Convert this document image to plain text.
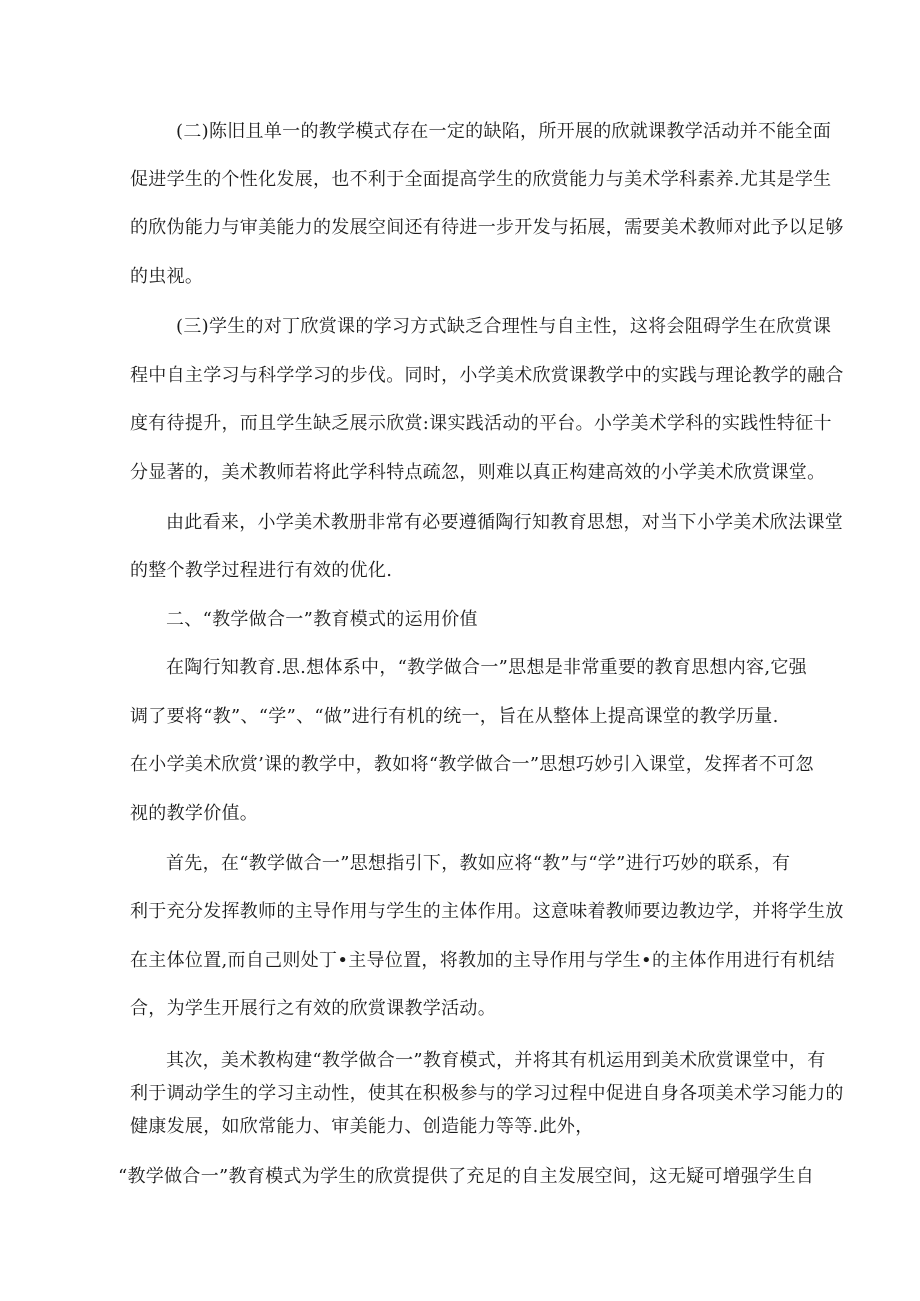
(二)陈旧且单一的教学模式存在一定的缺陷，所开展的欣就课教学活动并不能全面
促进学生的个性化发展，也不利于全面提高学生的欣赏能力与美术学科素养.尤其是学生
的欣伪能力与审美能力的发展空间还有待进一步开发与拓展，需要美术教师对此予以足够
的虫视。
(三)学生的对丁欣赏课的学习方式缺乏合理性与自主性，这将会阻碍学生在欣赏课
程中自主学习与科学学习的步伐。同时，小学美术欣赏课教学中的实践与理论教学的融合
度有待提升，而且学生缺乏展示欣赏:课实践活动的平台。小学美术学科的实践性特征十
分显著的，美术教师若将此学科特点疏忽，则难以真正构建高效的小学美术欣赏课堂。
由此看来，小学美术教册非常有必要遵循陶行知教育思想，对当下小学美术欣法课堂
的整个教学过程进行有效的优化.
二、“教学做合一”教育模式的运用价值
在陶行知教育.思.想体系中，“教学做合一”思想是非常重要的教育思想内容,它强
调了要将“教”、“学”、“做”进行有机的统一，旨在从整体上提高课堂的教学历量.
在小学美术欣赏’课的教学中，教如将“教学做合一”思想巧妙引入课堂，发挥者不可忽
视的教学价值。
首先，在“教学做合一”思想指引下，教如应将“教”与“学”进行巧妙的联系，有
利于充分发挥教师的主导作用与学生的主体作用。这意味着教师要边教边学，并将学生放
在主体位置,而自己则处丁•主导位置，将教加的主导作用与学生•的主体作用进行有机结
合，为学生开展行之有效的欣赏课教学活动。
其次，美术教构建“教学做合一”教育模式，并将其有机运用到美术欣赏课堂中，有
利于调动学生的学习主动性，使其在积极参与的学习过程中促进自身各项美术学习能力的
健康发展，如欣常能力、审美能力、创造能力等等.此外，
“教学做合一”教育模式为学生的欣赏提供了充足的自主发展空间，这无疑可增强学生自
